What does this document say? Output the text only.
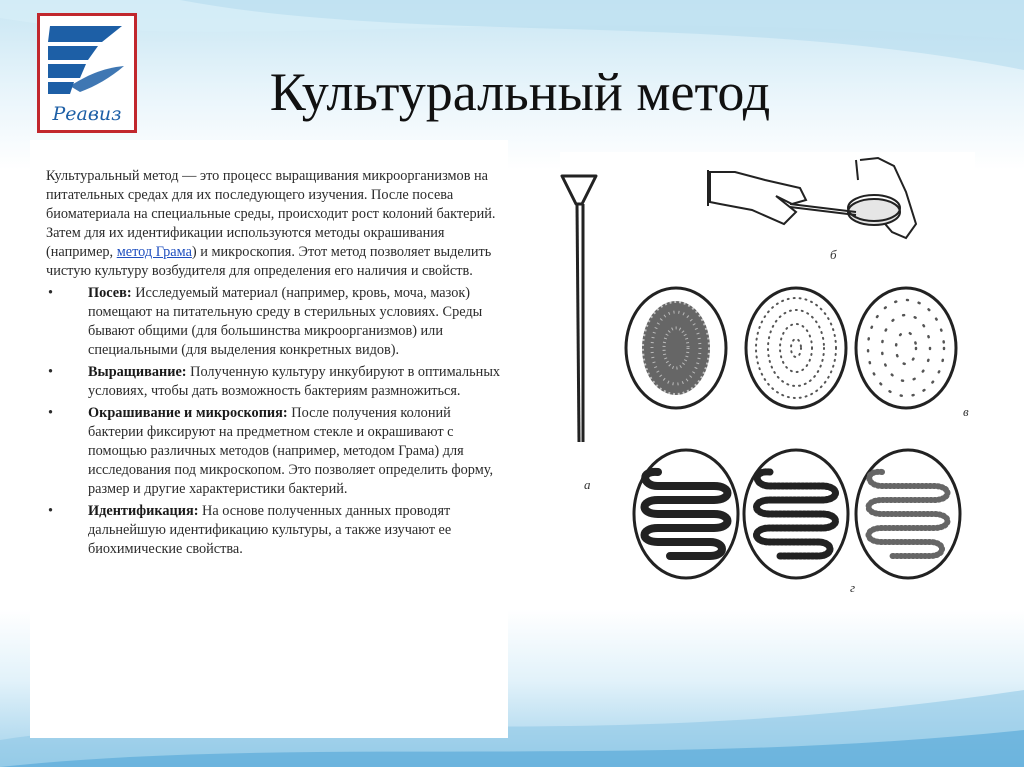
Реавиз	Культуральный метод

Культуральный метод — это процесс выращивания микроорганизмов на питательных средах для их последующего изучения. После посева биоматериала на специальные среды, происходит рост колоний бактерий. Затем для их идентификации используются методы окрашивания (например, метод Грама) и микроскопия. Этот метод позволяет выделить чистую культуру возбудителя для определения его наличия и свойств.

• Посев: Исследуемый материал (например, кровь, моча, мазок) помещают на питательную среду в стерильных условиях. Среды бывают общими (для большинства микроорганизмов) или специальными (для выделения конкретных видов).
• Выращивание: Полученную культуру инкубируют в оптимальных условиях, чтобы дать возможность бактериям размножиться.
• Окрашивание и микроскопия: После получения колоний бактерии фиксируют на предметном стекле и окрашивают с помощью различных методов (например, методом Грама) для исследования под микроскопом. Это позволяет определить форму, размер и другие характеристики бактерий.
• Идентификация: На основе полученных данных проводят дальнейшую идентификацию культуры, а также изучают ее биохимические свойства.
а
б
в
г
